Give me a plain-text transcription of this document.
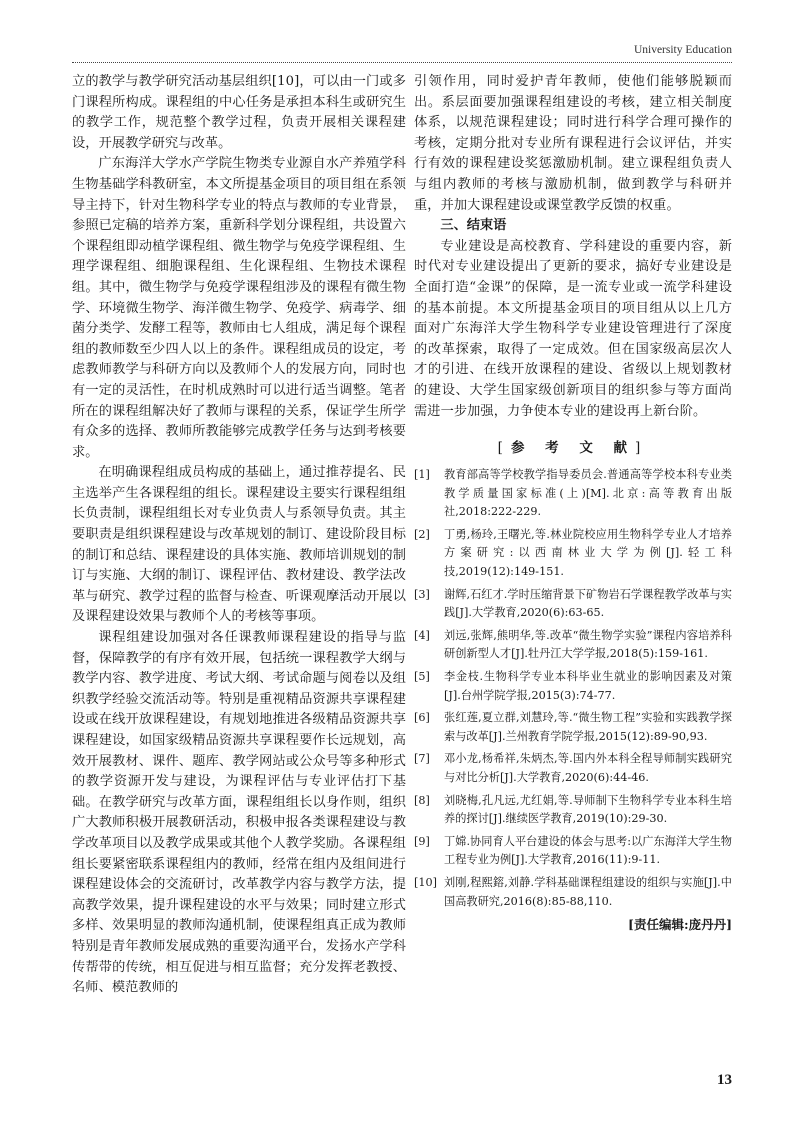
University Education

立的教学与教学研究活动基层组织[10]，可以由一门或多门课程所构成。课程组的中心任务是承担本科生或研究生的教学工作，规范整个教学过程，负责开展相关课程建设，开展教学研究与改革。

广东海洋大学水产学院生物类专业源自水产养殖学科生物基础学科教研室，本文所提基金项目的项目组在系领导主持下，针对生物科学专业的特点与教师的专业背景，参照已定稿的培养方案，重新科学划分课程组，共设置六个课程组即动植学课程组、微生物学与免疫学课程组、生理学课程组、细胞课程组、生化课程组、生物技术课程组。其中，微生物学与免疫学课程组涉及的课程有微生物学、环境微生物学、海洋微生物学、免疫学、病毒学、细菌分类学、发酵工程等，教师由七人组成，满足每个课程组的教师数至少四人以上的条件。课程组成员的设定，考虑教师教学与科研方向以及教师个人的发展方向，同时也有一定的灵活性，在时机成熟时可以进行适当调整。笔者所在的课程组解决好了教师与课程的关系，保证学生所学有众多的选择、教师所教能够完成教学任务与达到考核要求。

在明确课程组成员构成的基础上，通过推荐提名、民主选举产生各课程组的组长。课程建设主要实行课程组组长负责制，课程组组长对专业负责人与系领导负责。其主要职责是组织课程建设与改革规划的制订、建设阶段目标的制订和总结、课程建设的具体实施、教师培训规划的制订与实施、大纲的制订、课程评估、教材建设、教学法改革与研究、教学过程的监督与检查、听课观摩活动开展以及课程建设效果与教师个人的考核等事项。

课程组建设加强对各任课教师课程建设的指导与监督，保障教学的有序有效开展，包括统一课程教学大纲与教学内容、教学进度、考试大纲、考试命题与阅卷以及组织教学经验交流活动等。特别是重视精品资源共享课程建设或在线开放课程建设，有规划地推进各级精品资源共享课程建设，如国家级精品资源共享课程要作长远规划，高效开展教材、课件、题库、教学网站或公众号等多种形式的教学资源开发与建设，为课程评估与专业评估打下基础。在教学研究与改革方面，课程组组长以身作则，组织广大教师积极开展教研活动，积极申报各类课程建设与教学改革项目以及教学成果或其他个人教学奖励。各课程组组长要紧密联系课程组内的教师，经常在组内及组间进行课程建设体会的交流研讨，改革教学内容与教学方法，提高教学效果，提升课程建设的水平与效果；同时建立形式多样、效果明显的教师沟通机制，使课程组真正成为教师特别是青年教师发展成熟的重要沟通平台，发扬水产学科传帮带的传统，相互促进与相互监督；充分发挥老教授、名师、模范教师的

引领作用，同时爱护青年教师，使他们能够脱颖而出。系层面要加强课程组建设的考核，建立相关制度体系，以规范课程建设；同时进行科学合理可操作的考核，定期分批对专业所有课程进行会议评估，并实行有效的课程建设奖惩激励机制。建立课程组负责人与组内教师的考核与激励机制，做到教学与科研并重，并加大课程建设或课堂教学反馈的权重。

三、结束语

专业建设是高校教育、学科建设的重要内容，新时代对专业建设提出了更新的要求，搞好专业建设是全面打造“金课”的保障，是一流专业或一流学科建设的基本前提。本文所提基金项目的项目组从以上几方面对广东海洋大学生物科学专业建设管理进行了深度的改革探索，取得了一定成效。但在国家级高层次人才的引进、在线开放课程的建设、省级以上规划教材的建设、大学生国家级创新项目的组织参与等方面尚需进一步加强，力争使本专业的建设再上新台阶。

[参 考 文 献]
[1]	教育部高等学校教学指导委员会.普通高等学校本科专业类教学质量国家标准(上)[M].北京:高等教育出版社,2018:222-229.
[2]	丁勇,杨玲,王曙光,等.林业院校应用生物科学专业人才培养方案研究:以西南林业大学为例[J].轻工科技,2019(12):149-151.
[3]	谢辉,石红才.学时压缩背景下矿物岩石学课程教学改革与实践[J].大学教育,2020(6):63-65.
[4]	刘远,张辉,熊明华,等.改革“微生物学实验”课程内容培养科研创新型人才[J].牡丹江大学学报,2018(5):159-161.
[5]	李金枝.生物科学专业本科毕业生就业的影响因素及对策[J].台州学院学报,2015(3):74-77.
[6]	张红莲,夏立群,刘慧玲,等.“微生物工程”实验和实践教学探索与改革[J].兰州教育学院学报,2015(12):89-90,93.
[7]	邓小龙,杨希祥,朱炳杰,等.国内外本科全程导师制实践研究与对比分析[J].大学教育,2020(6):44-46.
[8]	刘晓梅,孔凡远,尤红娟,等.导师制下生物科学专业本科生培养的探讨[J].继续医学教育,2019(10):29-30.
[9]	丁嫦.协同育人平台建设的体会与思考:以广东海洋大学生物工程专业为例[J].大学教育,2016(11):9-11.
[10] 刘刚,程熙鎔,刘静.学科基础课程组建设的组织与实施[J].中国高教研究,2016(8):85-88,110.
[责任编辑:庞丹丹]
13
